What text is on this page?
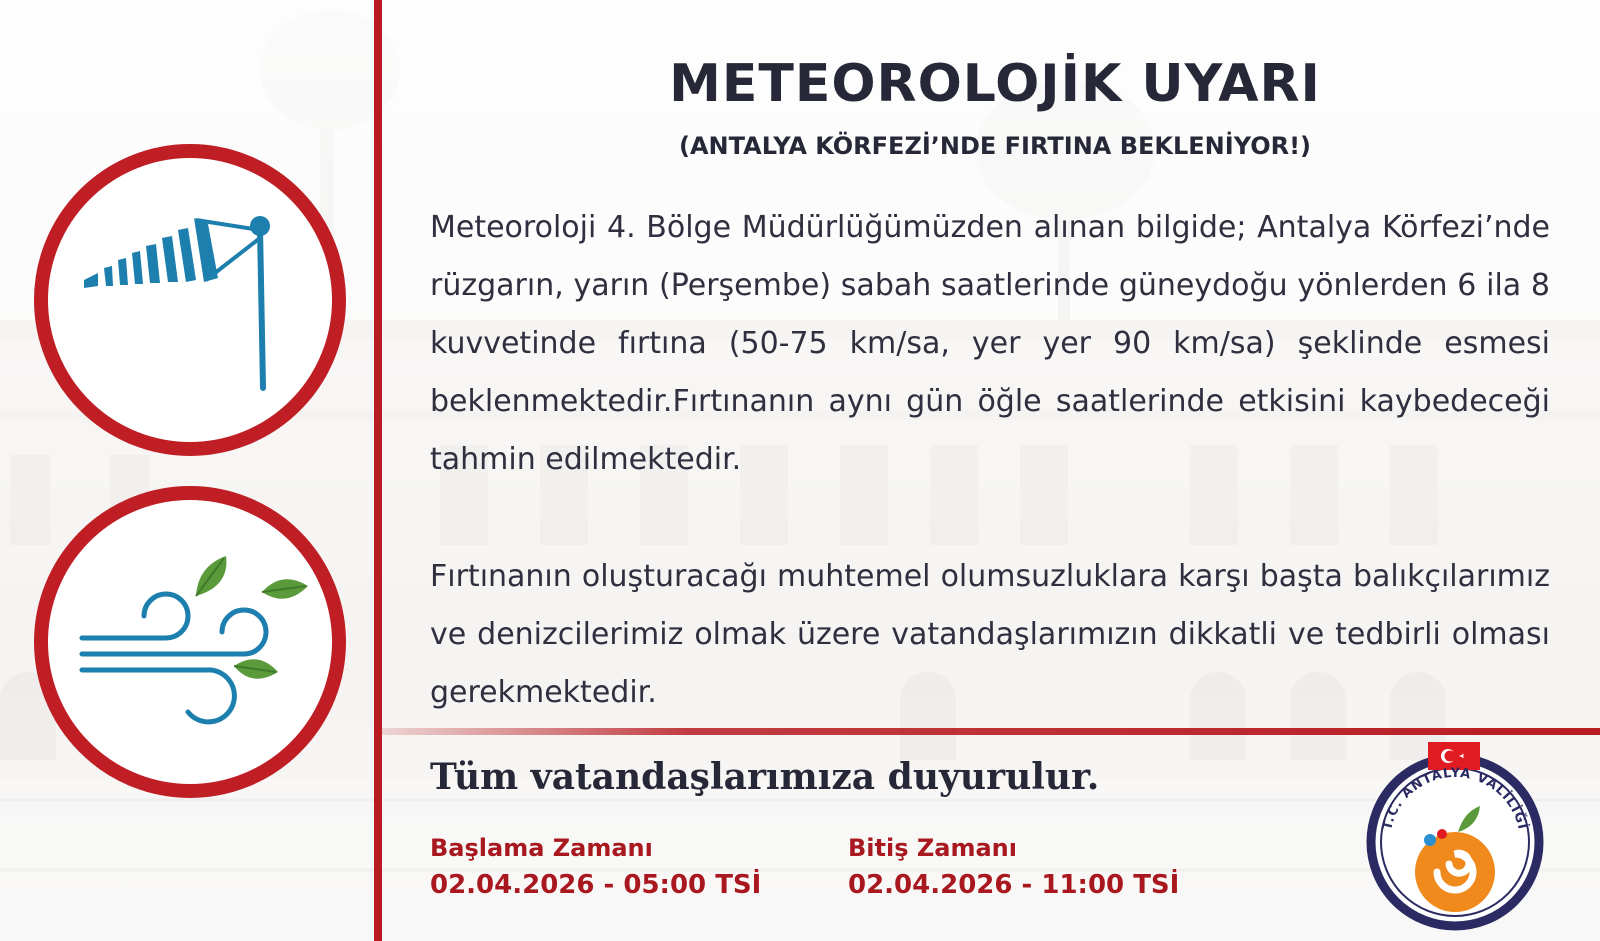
METEOROLOJİK UYARI
(ANTALYA KÖRFEZİ’NDE FIRTINA BEKLENİYOR!)
Meteoroloji 4. Bölge Müdürlüğümüzden alınan bilgide; Antalya Körfezi’nde rüzgarın, yarın (Perşembe) sabah saatlerinde güneydoğu yönlerden 6 ila 8 kuvvetinde fırtına (50-75 km/sa, yer yer 90 km/sa) şeklinde esmesi beklenmektedir.Fırtınanın aynı gün öğle saatlerinde etkisini kaybedeceği tahmin edilmektedir.
Fırtınanın oluşturacağı muhtemel olumsuzluklara karşı başta balıkçılarımız ve denizcilerimiz olmak üzere vatandaşlarımızın dikkatli ve tedbirli olması gerekmektedir.
Tüm vatandaşlarımıza duyurulur.
Başlama Zamanı
02.04.2026 - 05:00 TSİ
Bitiş Zamanı
02.04.2026 - 11:00 TSİ
T.C. ANTALYA VALİLİĞİ
